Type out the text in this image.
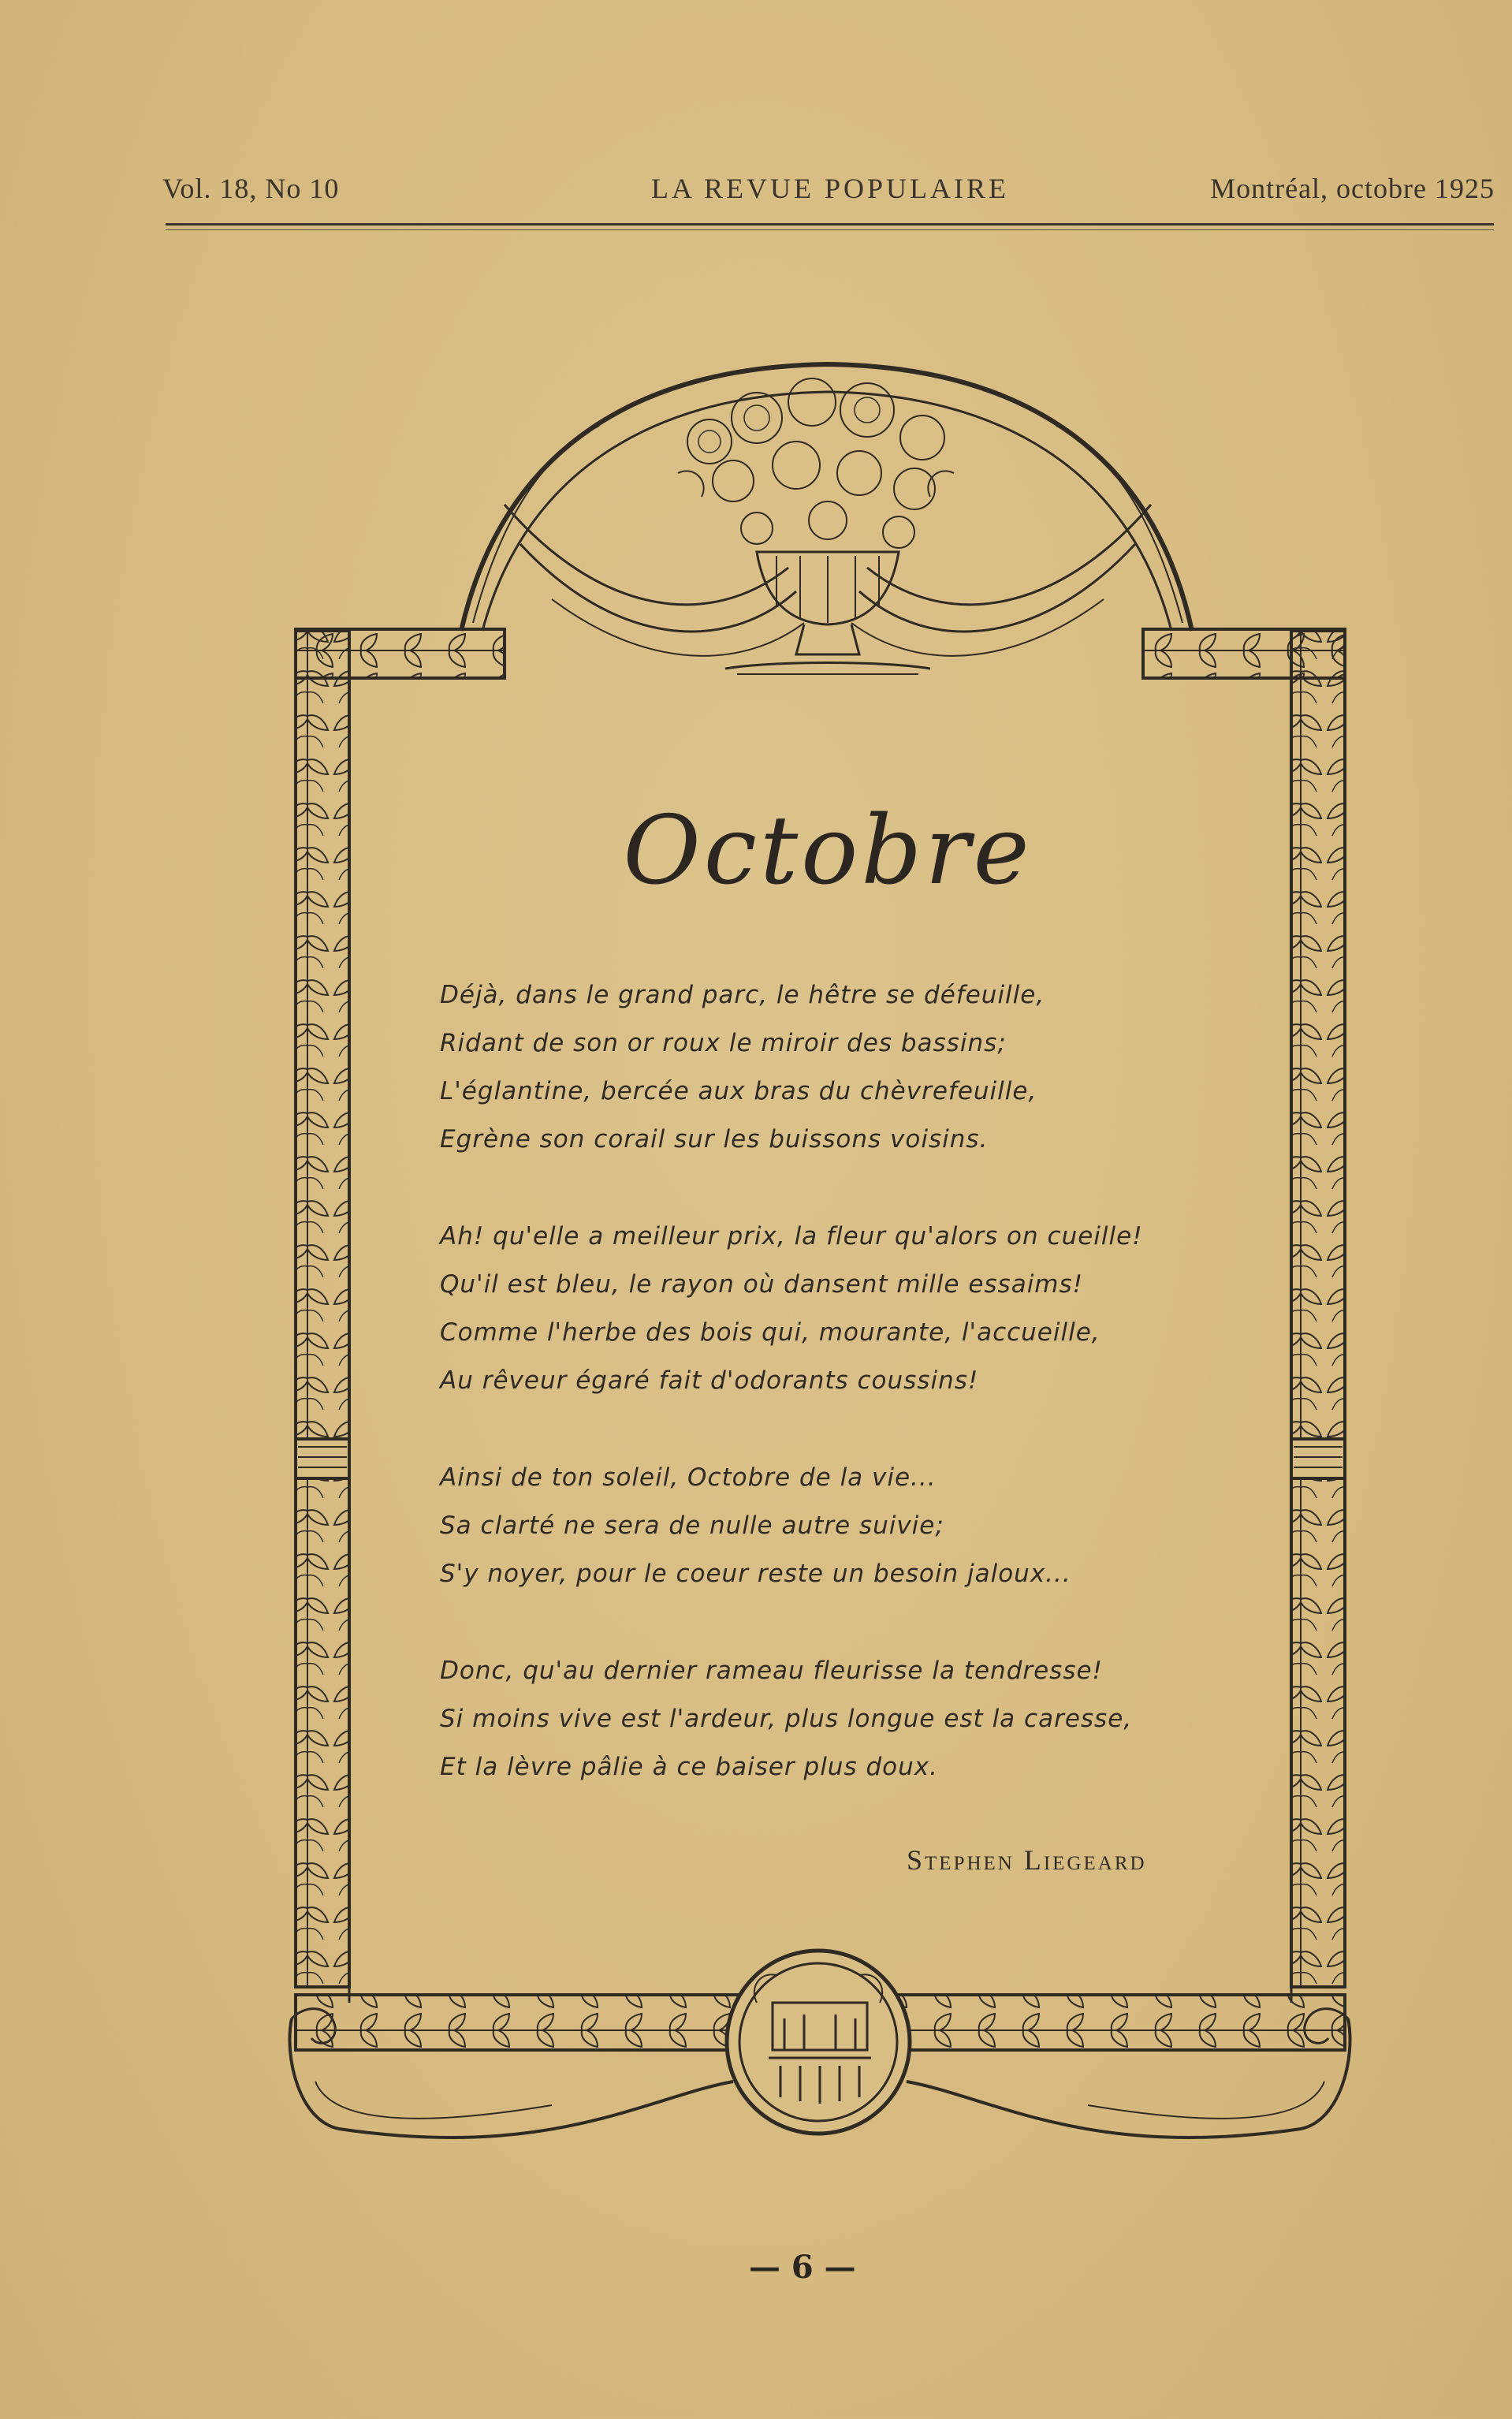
Vol. 18, No 10	LA REVUE POPULAIRE	Montréal, octobre 1925
Octobre
Déjà, dans le grand parc, le hêtre se défeuille,
Ridant de son or roux le miroir des bassins;
L'églantine, bercée aux bras du chèvrefeuille,
Egrène son corail sur les buissons voisins.
Ah! qu'elle a meilleur prix, la fleur qu'alors on cueille!
Qu'il est bleu, le rayon où dansent mille essaims!
Comme l'herbe des bois qui, mourante, l'accueille,
Au rêveur égaré fait d'odorants coussins!
Ainsi de ton soleil, Octobre de la vie...
Sa clarté ne sera de nulle autre suivie;
S'y noyer, pour le coeur reste un besoin jaloux...
Donc, qu'au dernier rameau fleurisse la tendresse!
Si moins vive est l'ardeur, plus longue est la caresse,
Et la lèvre pâlie à ce baiser plus doux.
Stephen Liegeard
— 6 —
